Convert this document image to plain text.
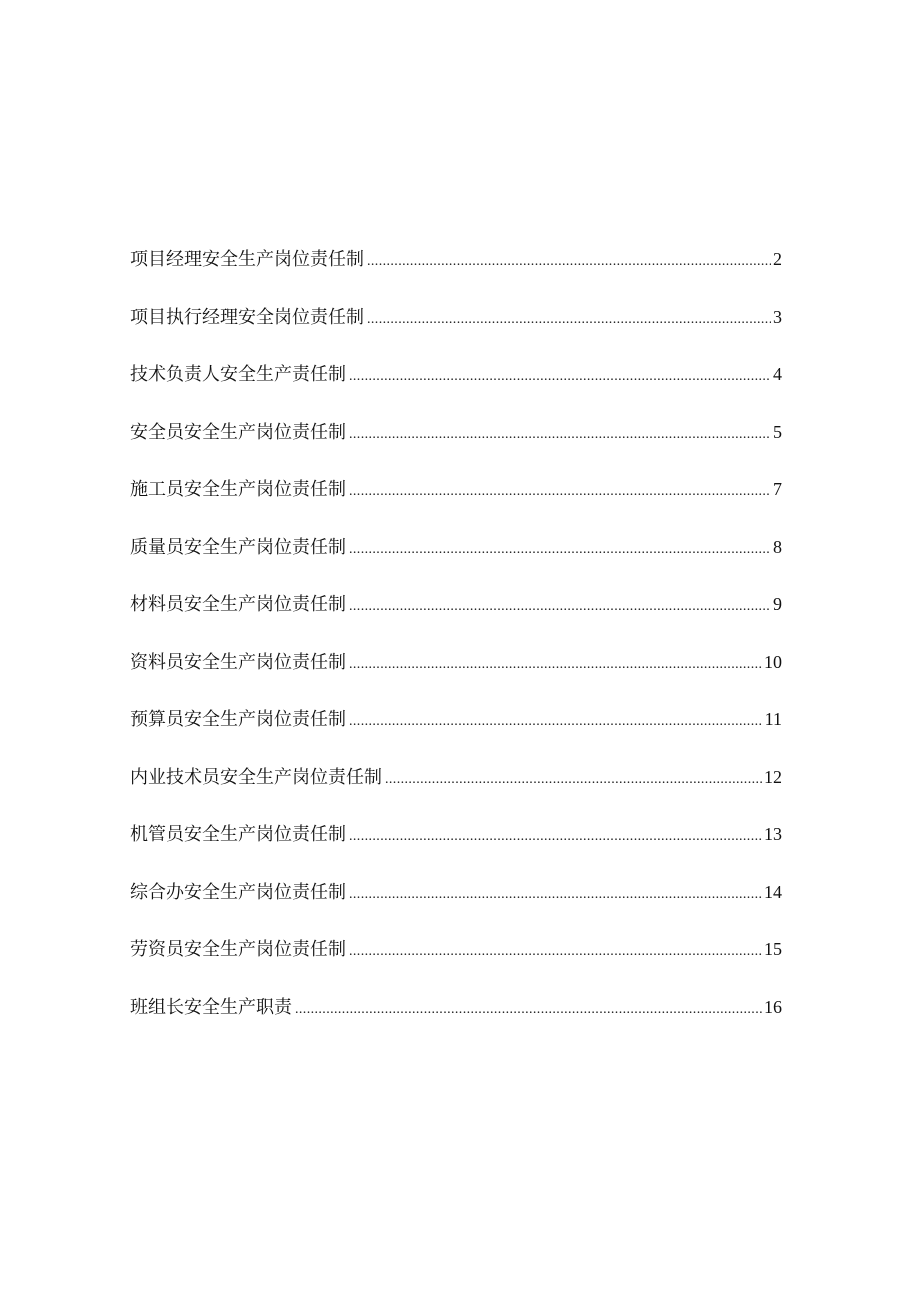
项目经理安全生产岗位责任制 .....	2
项目执行经理安全岗位责任制 .....	3
技术负责人安全生产责任制 .....	4
安全员安全生产岗位责任制 .....	5
施工员安全生产岗位责任制 .....	7
质量员安全生产岗位责任制 .....	8
材料员安全生产岗位责任制 .....	9
资料员安全生产岗位责任制 .....	10
预算员安全生产岗位责任制 .....	11
内业技术员安全生产岗位责任制 .....	12
机管员安全生产岗位责任制 .....	13
综合办安全生产岗位责任制 .....	14
劳资员安全生产岗位责任制 .....	15
班组长安全生产职责 .....	16
